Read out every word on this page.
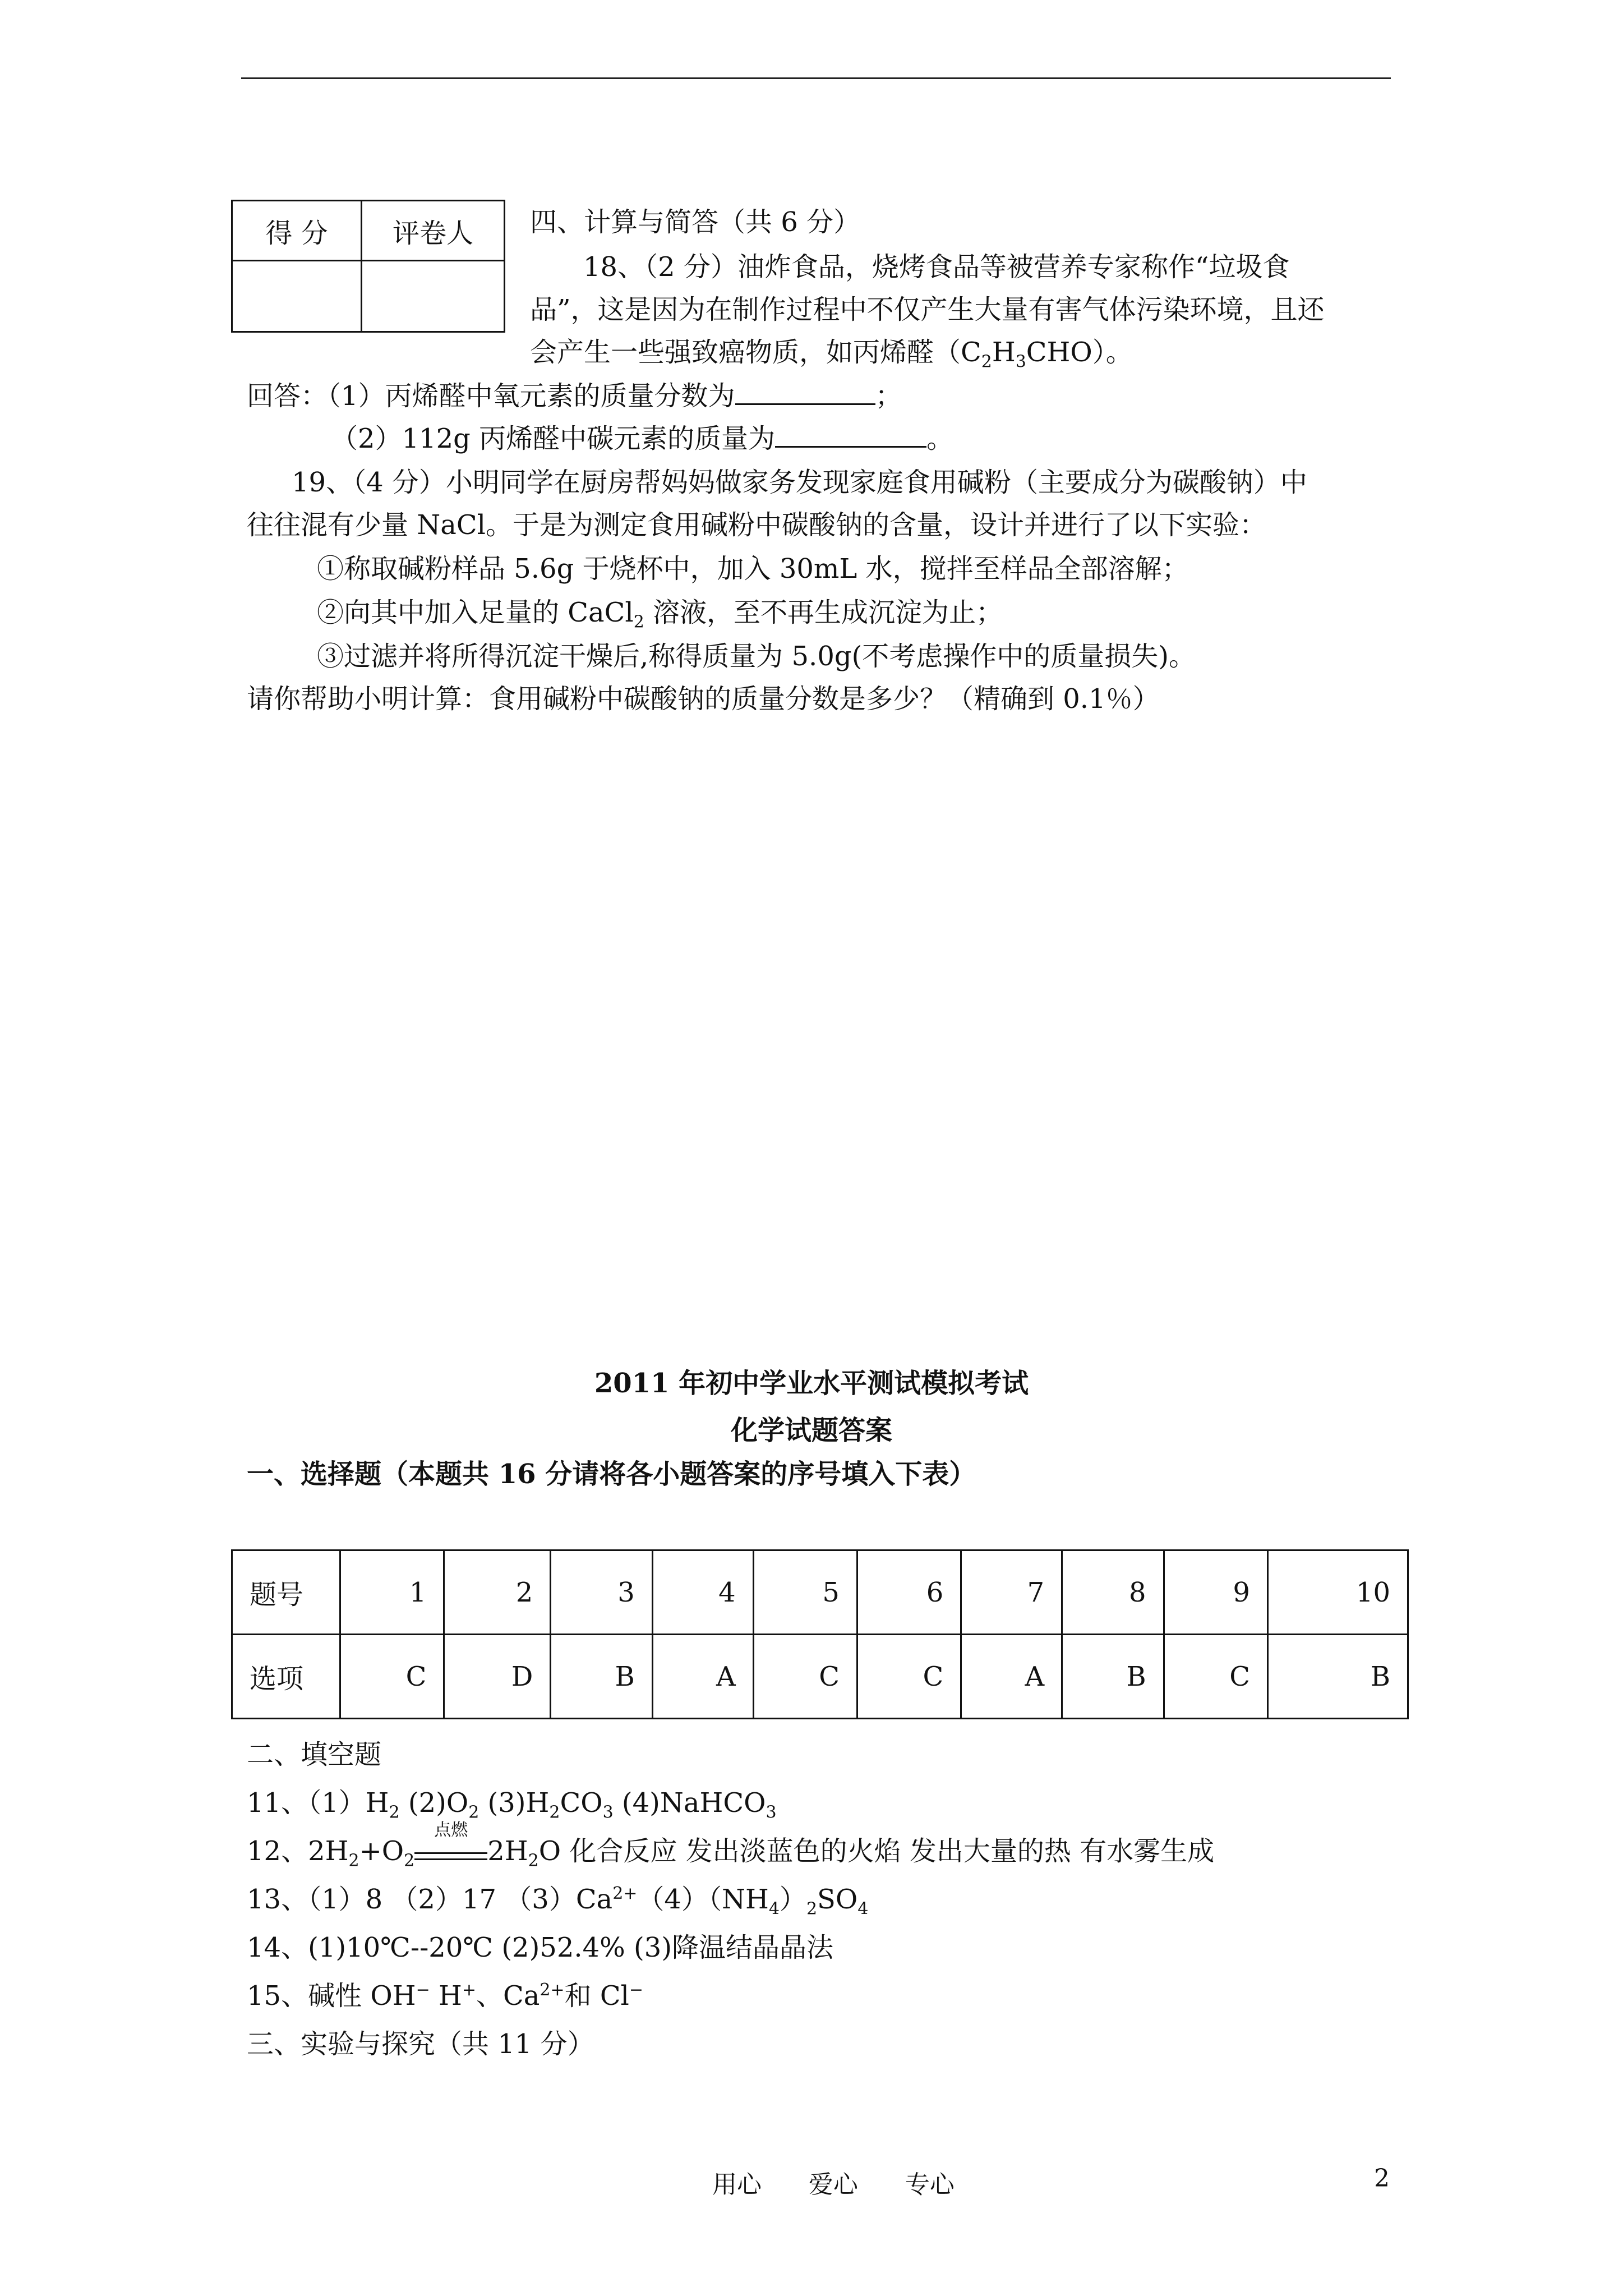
得 分	评卷人
	四、计算与简答（共 6 分）
18、（2 分）油炸食品，烧烤食品等被营养专家称作“垃圾食
品”，这是因为在制作过程中不仅产生大量有害气体污染环境，且还
会产生一些强致癌物质，如丙烯醛$(C_2H_3CHO)$。
回答：（1）丙烯醛中氧元素的质量分数为	；
（2）112g 丙烯醛中碳元素的质量为	。
19、（4 分）小明同学在厨房帮妈妈做家务发现家庭食用碱粉（主要成分为碳酸钠）中
往往混有少量 NaCl。于是为测定食用碱粉中碳酸钠的含量，设计并进行了以下实验：
①称取碱粉样品 5.6g 于烧杯中，加入 30mL 水，搅拌至样品全部溶解；
②向其中加入足量的 CaCl$_2$ 溶液，至不再生成沉淀为止；
③过滤并将所得沉淀干燥后,称得质量为 5.0g(不考虑操作中的质量损失)。
请你帮助小明计算：食用碱粉中碳酸钠的质量分数是多少？（精确到 0.1％）
2011 年初中学业水平测试模拟考试
化学试题答案
一、选择题（本题共 16 分请将各小题答案的序号填入下表）
题号	1	2	3	4	5	6	7	8	9	10
选项	C	D	B	A	C	C	A	B	C	B
二、填空题
11、$(1)H_2$ $(2)O_2$ $(3)H_2CO_3$ (4)NaHCO$_3$
12、$2H_2+O_2$
点燃
$2H_2O$ 化合反应 发出淡蓝色的火焰 发出大量的热 有水雾生成
13、（1）8 （2）17 $(3)Ca^{2+}(4)(NH_4)_2SO_4$
14、(1)10℃--20℃ (2)52.4% (3)降温结晶晶法
15、碱性 OH− H+、$Ca^{2+}$和 Cl−
三、实验与探究（共 11 分）
用心      爱心      专心	2
